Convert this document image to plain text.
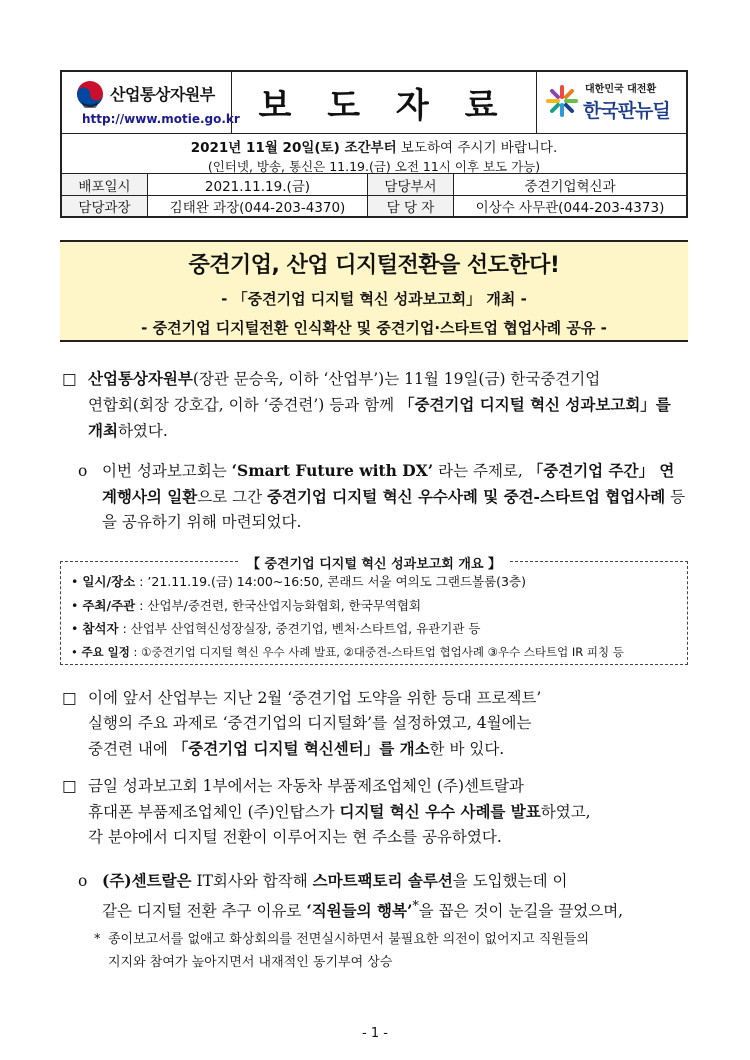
산업통상자원부
http://www.motie.go.kr 보 도 자 료	대한민국 대전환
한국판뉴딜
2021년 11월 20일(토) 조간부터 보도하여 주시기 바랍니다.
(인터넷, 방송, 통신은 11.19.(금) 오전 11시 이후 보도 가능)
배포일시	2021.11.19.(금)	담당부서	중견기업혁신과
담당과장	김태완 과장(044-203-4370)	담 당 자	이상수 사무관(044-203-4373)
중견기업, 산업 디지털전환을 선도한다!
- 「중견기업 디지털 혁신 성과보고회」 개최 -
- 중견기업 디지털전환 인식확산 및 중견기업·스타트업 협업사례 공유 -
□ 산업통상자원부(장관 문승욱, 이하 ‘산업부’)는 11월 19일(금) 한국중견기업
연합회(회장 강호갑, 이하 ‘중견련’) 등과 함께 「중견기업 디지털 혁신 성과보고회」를 개최하였다.
o 이번 성과보고회는 ‘Smart Future with DX’ 라는 주제로, 「중견기업 주간」 연계행사의 일환으로 그간 중견기업 디지털 혁신 우수사례 및 중견-스타트업 협업사례 등을 공유하기 위해 마련되었다.
【 중견기업 디지털 혁신 성과보고회 개요 】
• 일시/장소 : ’21.11.19.(금) 14:00~16:50, 콘래드 서울 여의도 그랜드볼룸(3층)
• 주최/주관 : 산업부/중견련, 한국산업지능화협회, 한국무역협회
• 참석자 : 산업부 산업혁신성장실장, 중견기업, 벤처·스타트업, 유관기관 등
• 주요 일정 : ①중견기업 디지털 혁신 우수 사례 발표, ②대중견-스타트업 협업사례 ③우수 스타트업 IR 피칭 등
□ 이에 앞서 산업부는 지난 2월 ‘중견기업 도약을 위한 등대 프로젝트’
실행의 주요 과제로 ‘중견기업의 디지털화’를 설정하였고, 4월에는
중견련 내에 「중견기업 디지털 혁신센터」를 개소한 바 있다.
□ 금일 성과보고회 1부에서는 자동차 부품제조업체인 (주)센트랄과
휴대폰 부품제조업체인 (주)인탑스가 디지털 혁신 우수 사례를 발표하였고,
각 분야에서 디지털 전환이 이루어지는 현 주소를 공유하였다.
o (주)센트랄은 IT회사와 합작해 스마트팩토리 솔루션을 도입했는데 이
같은 디지털 전환 추구 이유로 ‘직원들의 행복’*을 꼽은 것이 눈길을 끌었으며,
* 종이보고서를 없애고 화상회의를 전면실시하면서 불필요한 의전이 없어지고 직원들의
지지와 참여가 높아지면서 내재적인 동기부여 상승
- 1 -
